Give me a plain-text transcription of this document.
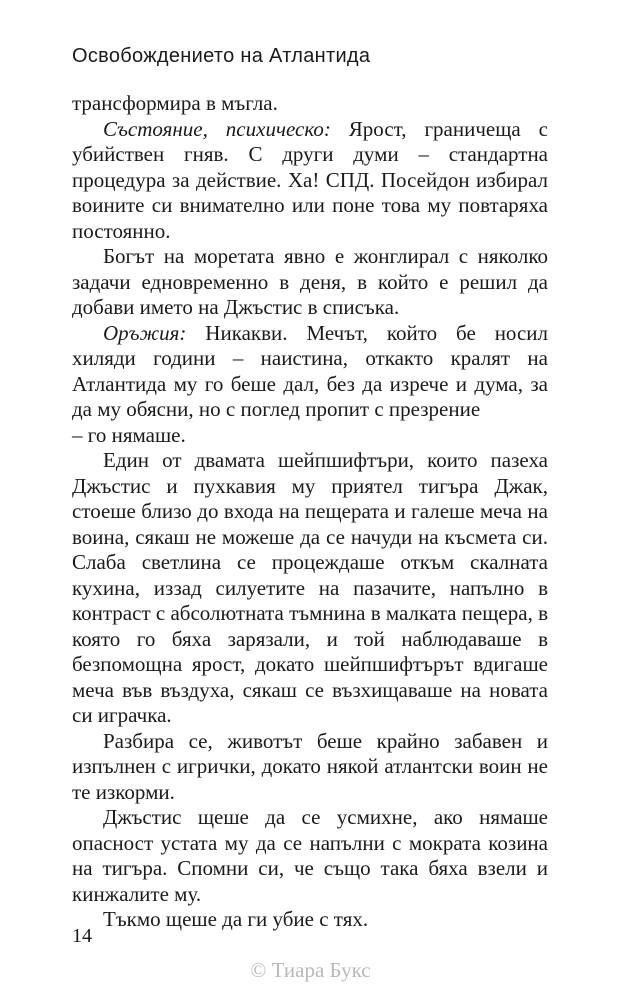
Освобождението на Атлантида

трансформира в мъгла.

Състояние, психическо: Ярост, граничеща с убийствен гняв. С други думи – стандартна процедура за действие. Ха! СПД. Посейдон избирал воините си внимателно или поне това му повтаряха постоянно.

Богът на моретата явно е жонглирал с няколко задачи едновременно в деня, в който е решил да добави името на Джъстис в списъка.

Оръжия: Никакви. Мечът, който бе носил хиляди години – наистина, откакто кралят на Атлантида му го беше дал, без да изрече и дума, за да му обясни, но с поглед пропит с презрение

– го нямаше.

Един от двамата шейпшифтъри, които пазеха Джъстис и пухкавия му приятел тигъра Джак, стоеше близо до входа на пещерата и галеше меча на воина, сякаш не можеше да се начуди на късмета си. Слаба светлина се процеждаше откъм скалната кухина, иззад силуетите на пазачите, напълно в контраст с абсолютната тъмнина в малката пещера, в която го бяха зарязали, и той наблюдаваше в безпомощна ярост, докато шейпшифтърът вдигаше меча във въздуха, сякаш се възхищаваше на новата си играчка.

Разбира се, животът беше крайно забавен и изпълнен с игрички, докато някой атлантски воин не те изкорми.

Джъстис щеше да се усмихне, ако нямаше опасност устата му да се напълни с мократа козина на тигъра. Спомни си, че също така бяха взели и кинжалите му.

Тъкмо щеше да ги убие с тях.

14
© Тиара Букс
